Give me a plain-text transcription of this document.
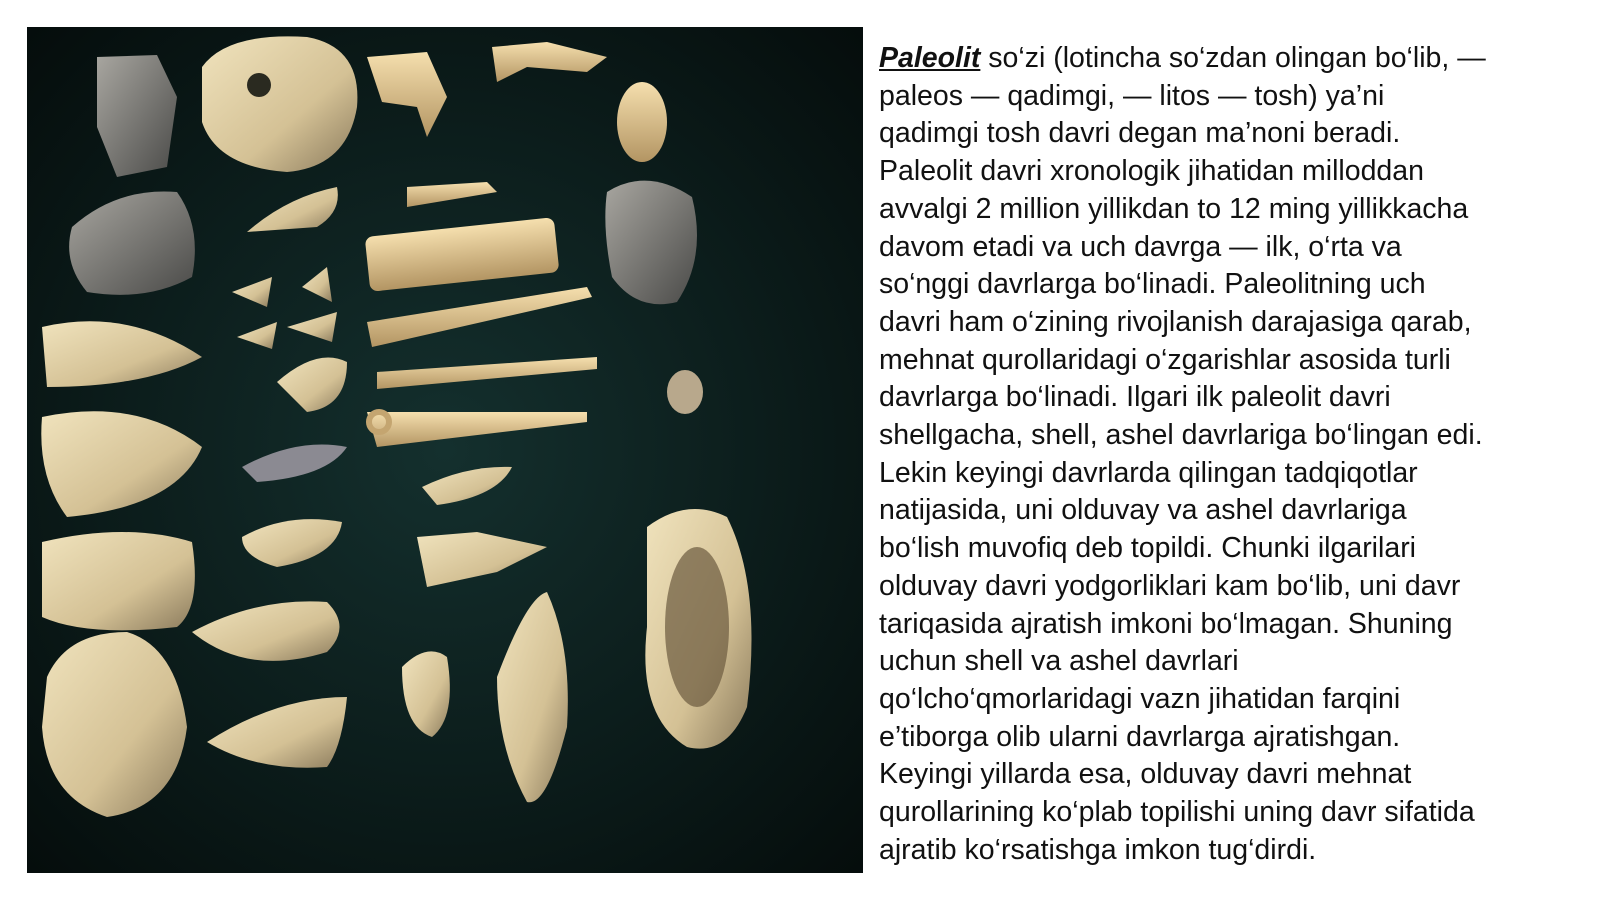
Paleolit so‘zi (lotincha so‘zdan olingan bo‘lib, —
paleos — qadimgi, — litos — tosh) ya’ni
qadimgi tosh davri degan ma’noni beradi.
Paleolit davri xronologik jihatidan milloddan
avvalgi 2 million yillikdan to 12 ming yillikkacha
davom etadi va uch davrga — ilk, o‘rta va
so‘nggi davrlarga bo‘linadi. Paleolitning uch
davri ham o‘zining rivojlanish darajasiga qarab,
mehnat qurollaridagi o‘zgarishlar asosida turli
davrlarga bo‘linadi. Ilgari ilk paleolit davri
shellgacha, shell, ashel davrlariga bo‘lingan edi.
Lekin keyingi davrlarda qilingan tadqiqotlar
natijasida, uni olduvay va ashel davrlariga
bo‘lish muvofiq deb topildi. Chunki ilgarilari
olduvay davri yodgorliklari kam bo‘lib, uni davr
tariqasida ajratish imkoni bo‘lmagan. Shuning
uchun shell va ashel davrlari
qo‘lcho‘qmorlaridagi vazn jihatidan farqini
e’tiborga olib ularni davrlarga ajratishgan.
Keyingi yillarda esa, olduvay davri mehnat
qurollarining ko‘plab topilishi uning davr sifatida
ajratib ko‘rsatishga imkon tug‘dirdi.
